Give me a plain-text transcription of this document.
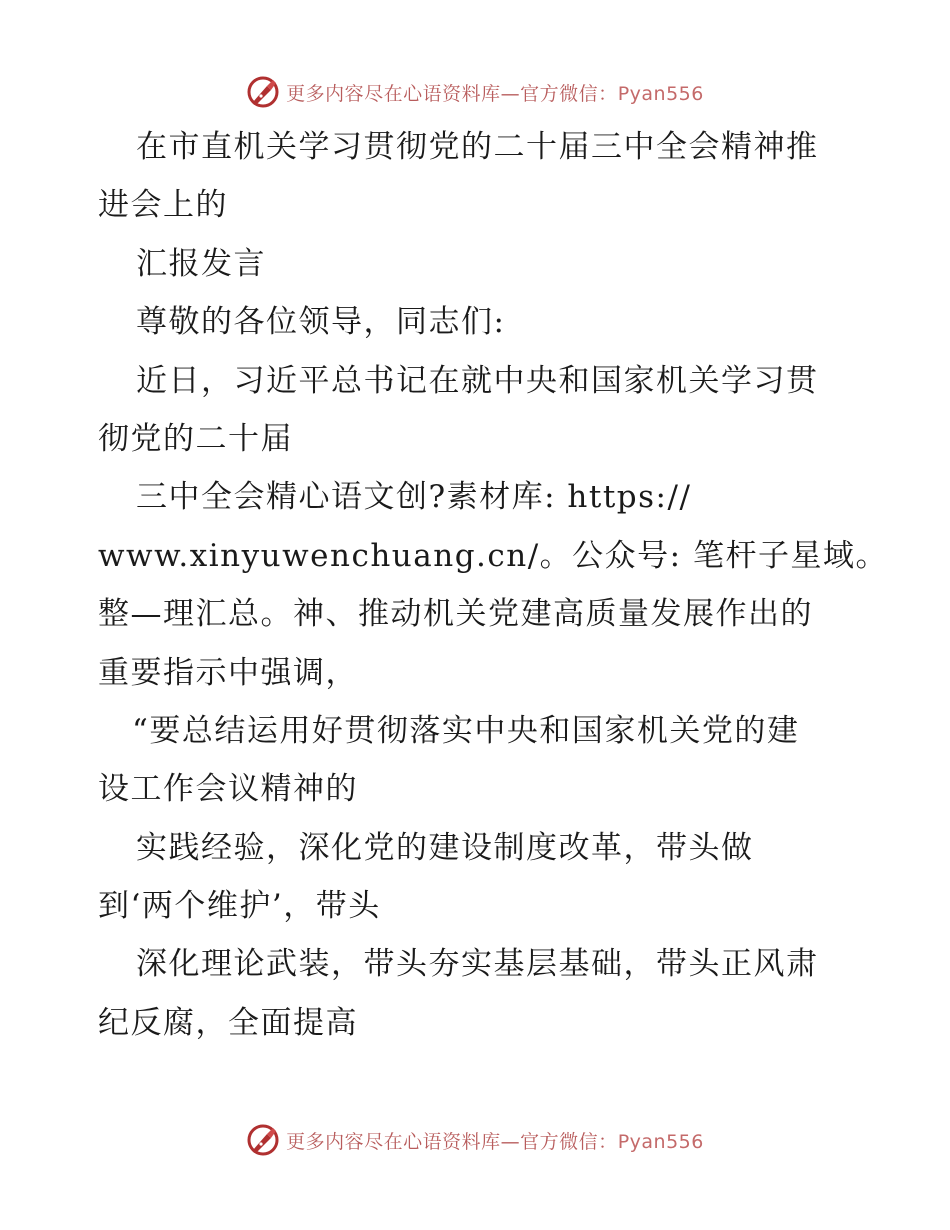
更多内容尽在心语资料库—官方微信：Pyan556
在市直机关学习贯彻党的二十届三中全会精神推
进会上的
汇报发言
尊敬的各位领导，同志们:
近日，习近平总书记在就中央和国家机关学习贯
彻党的二十届
三中全会精心语文创?素材库: https://
www.xinyuwenchuang.cn/。公众号: 笔杆子星域。
整—理汇总。神、推动机关党建高质量发展作出的
重要指示中强调，
“要总结运用好贯彻落实中央和国家机关党的建
设工作会议精神的
实践经验，深化党的建设制度改革，带头做
到‘两个维护’，带头
深化理论武装，带头夯实基层基础，带头正风肃
纪反腐，全面提高
更多内容尽在心语资料库—官方微信：Pyan556
